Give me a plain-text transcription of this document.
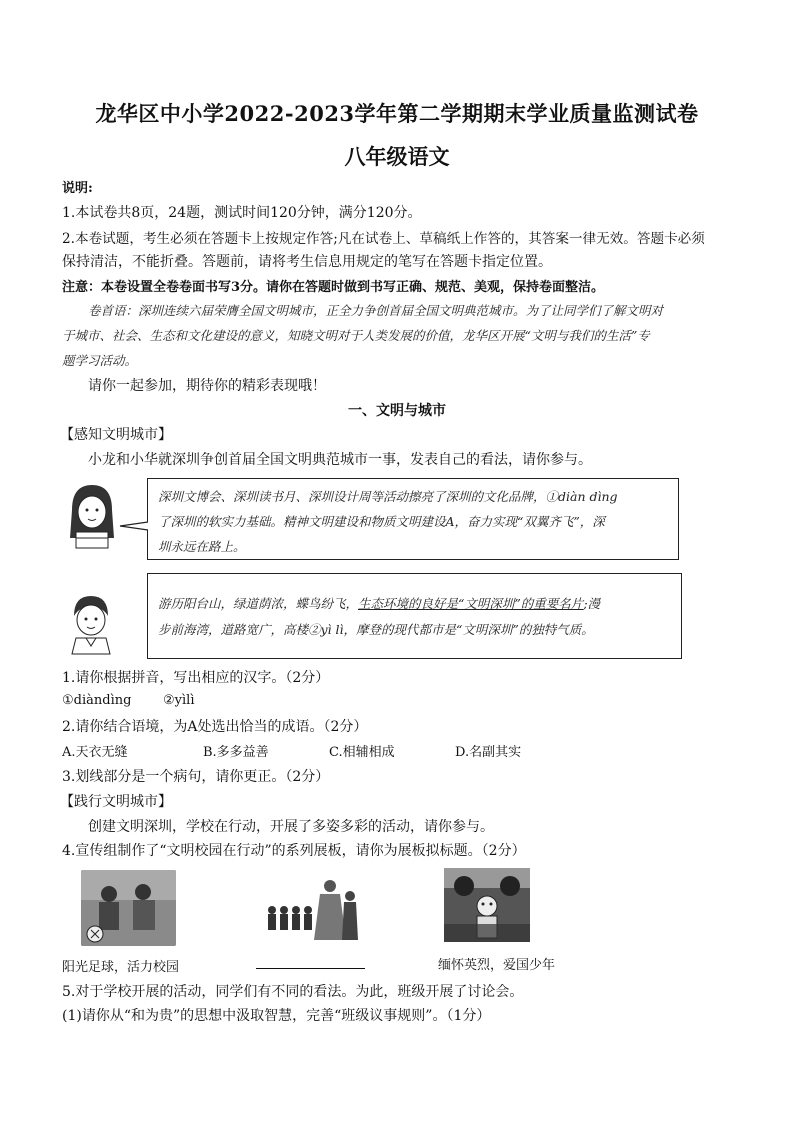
龙华区中小学2022-2023学年第二学期期末学业质量监测试卷
八年级语文
说明:
1.本试卷共8页，24题，测试时间120分钟，满分120分。
2.本卷试题，考生必须在答题卡上按规定作答;凡在试卷上、草稿纸上作答的，其答案一律无效。答题卡必须
保持清洁，不能折叠。答题前，请将考生信息用规定的笔写在答题卡指定位置。
注意：本卷设置全卷卷面书写3分。请你在答题时做到书写正确、规范、美观，保持卷面整洁。
卷首语：深圳连续六届荣膺全国文明城市，正全力争创首届全国文明典范城市。为了让同学们了解文明对
于城市、社会、生态和文化建设的意义，知晓文明对于人类发展的价值，龙华区开展“文明与我们的生活”专
题学习活动。
请你一起参加，期待你的精彩表现哦！
一、文明与城市
【感知文明城市】
小龙和小华就深圳争创首届全国文明典范城市一事，发表自己的看法，请你参与。
深圳文博会、深圳读书月、深圳设计周等活动擦亮了深圳的文化品牌，①diàn dìng
了深圳的软实力基础。精神文明建设和物质文明建设A，奋力实现“双翼齐飞”，深
圳永远在路上。
游历阳台山，绿道荫浓，蝶鸟纷飞，生态环境的良好是“文明深圳”的重要名片;漫
步前海湾，道路宽广，高楼②yì lì，摩登的现代都市是“文明深圳”的独特气质。
1.请你根据拼音，写出相应的汉字。（2分）
①diàndìng ②yìlì
2.请你结合语境，为A处选出恰当的成语。（2分）
A.天衣无缝	B.多多益善	C.相辅相成	D.名副其实
3.划线部分是一个病句，请你更正。（2分）
【践行文明城市】
创建文明深圳，学校在行动，开展了多姿多彩的活动，请你参与。
4.宣传组制作了“文明校园在行动”的系列展板，请你为展板拟标题。（2分）
阳光足球，活力校园	缅怀英烈，爱国少年
5.对于学校开展的活动，同学们有不同的看法。为此，班级开展了讨论会。
(1)请你从“和为贵”的思想中汲取智慧，完善“班级议事规则”。（1分）
